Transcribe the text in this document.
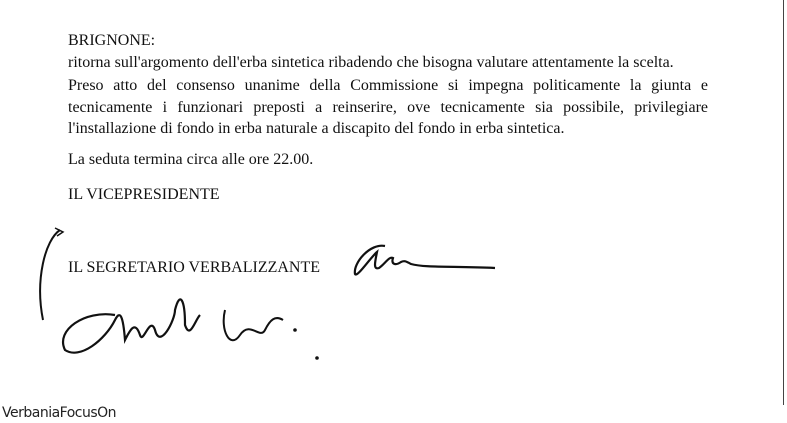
BRIGNONE:
ritorna sull'argomento dell'erba sintetica ribadendo che bisogna valutare attentamente la scelta.
Preso atto del consenso unanime della Commissione si impegna politicamente la giunta e
tecnicamente i funzionari preposti a reinserire, ove tecnicamente sia possibile, privilegiare
l'installazione di fondo in erba naturale a discapito del fondo in erba sintetica.
La seduta termina circa alle ore 22.00.
IL VICEPRESIDENTE
IL SEGRETARIO VERBALIZZANTE
VerbaniaFocusOn
